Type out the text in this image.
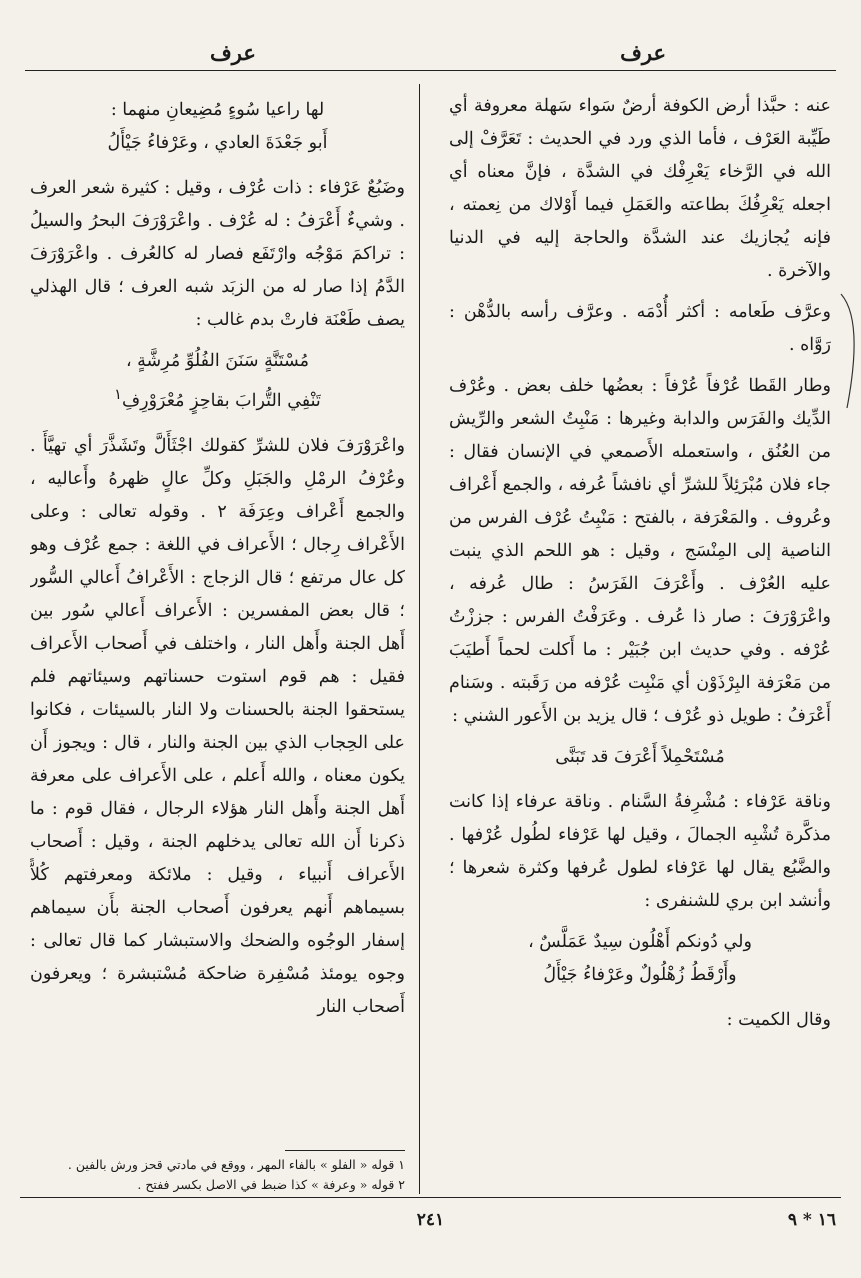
عرف
عرف

عنه : حبَّذا أرض الكوفة أرضٌ سَواء سَهلة معروفة أي طَيِّبة العَرْف ، فأما الذي ورد في الحديث : تَعَرَّفْ إلى الله في الرَّخاء يَعْرِفْك في الشدَّة ، فإنَّ معناه أي اجعله يَعْرِفُكَ بطاعته والعَمَلِ فيما أَوْلاك من نِعمته ، فإنه يُجازيك عند الشدَّة والحاجة إليه في الدنيا والآخرة .

وعرَّف طَعامه : أكثر أُدْمَه . وعرَّف رأسه بالدُّهْن : رَوَّاه .

وطار القَطا عُرْفاً عُرْفاً : بعضُها خلف بعض . وعُرْف الدِّيك والفَرَس والدابة وغيرها : مَنْبِتُ الشعر والرِّيش من العُنُق ، واستعمله الأَصمعي في الإنسان فقال : جاء فلان مُبْرَئِلاً للشرِّ أي نافشاً عُرفه ، والجمع أَعْراف وعُروف . والمَعْرَفة ، بالفتح : مَنْبِتُ عُرْف الفرس من الناصية إلى المِنْسَج ، وقيل : هو اللحم الذي ينبت عليه العُرْف . وأَعْرَفَ الفَرَسُ : طال عُرفه ، واعْرَوْرَفَ : صار ذا عُرف . وعَرَفْتُ الفرس : جززْتُ عُرْفه . وفي حديث ابن جُبَيْر : ما أَكلت لحماً أَطيَبَ من مَعْرَفة البِرْذَوْن أي مَنْبِت عُرْفه من رَقَبته . وسَنام أَعْرَفُ : طويل ذو عُرْف ؛ قال يزيد بن الأَعور الشني :

مُسْتَحْمِلاً أَعْرَفَ قد تَبَنَّى

وناقة عَرْفاء : مُشْرِفةُ السَّنام . وناقة عرفاء إذا كانت مذكَّرة تُشْبِه الجمالَ ، وقيل لها عَرْفاء لطُول عُرْفها . والضَّبُع يقال لها عَرْفاء لطول عُرفها وكثرة شعرها ؛ وأنشد ابن بري للشنفرى :

ولي دُونكم أَهْلُون سِيدٌ عَمَلَّسٌ ،
وأَرْقَطُ زُهْلُولٌ وعَرْفاءُ جَيْأَلُ

وقال الكميت :

لها راعيا سُوءٍ مُضِيعانِ منهما :
أَبو جَعْدَةَ العادي ، وعَرْفاءُ جَيْأَلُ

وضَبُعٌ عَرْفاء : ذات عُرْف ، وقيل : كثيرة شعر العرف . وشيءٌ أَعْرَفُ : له عُرْف . واعْرَوْرَفَ البحرُ والسيلُ : تراكمَ مَوْجُه وارْتَفَع فصار له كالعُرف . واعْرَوْرَفَ الدَّمُ إذا صار له من الزبَد شبه العرف ؛ قال الهذلي يصف طَعْنَة فارتْ بدم غالب :

مُسْتَنَّةٍ سَنَنَ الفُلُوِّ مُرِشَّةٍ ،
تَنْفِي التُّرابَ بقاحِزٍ مُعْرَوْرِفِ$^١$

واعْرَوْرَفَ فلان للشرِّ كقولك اجْثَأَلَّ وتَشَذَّرَ أي تهيَّأَ . وعُرْفُ الرمْلِ والجَبَلِ وكلِّ عالٍ ظهرهُ وأَعاليه ، والجمع أَعْراف وعِرَفَة ٢ . وقوله تعالى : وعلى الأَعْراف رِجال ؛ الأَعراف في اللغة : جمع عُرْف وهو كل عال مرتفع ؛ قال الزجاج : الأَعْرافُ أَعالي السُّور ؛ قال بعض المفسرين : الأَعراف أَعالي سُور بين أَهل الجنة وأَهل النار ، واختلف في أَصحاب الأَعراف فقيل : هم قوم استوت حسناتهم وسيئاتهم فلم يستحقوا الجنة بالحسنات ولا النار بالسيئات ، فكانوا على الحِجاب الذي بين الجنة والنار ، قال : ويجوز أَن يكون معناه ، والله أَعلم ، على الأَعراف على معرفة أَهل الجنة وأَهل النار هؤلاء الرجال ، فقال قوم : ما ذكرنا أَن الله تعالى يدخلهم الجنة ، وقيل : أَصحاب الأَعراف أَنبياء ، وقيل : ملائكة ومعرفتهم كُلاًّ بسيماهم أَنهم يعرفون أَصحاب الجنة بأَن سيماهم إسفار الوجُوه والضحك والاستبشار كما قال تعالى : وجوه يومئذ مُسْفِرة ضاحكة مُسْتبشرة ؛ ويعرفون أَصحاب النار

١ قوله « الفلو » بالفاء المهر ، ووقع في مادتي قحز ورش بالفين .
٢ قوله « وعرفة » كذا ضبط في الاصل بكسر ففتح .
٢٤١	١٦ * ٩
